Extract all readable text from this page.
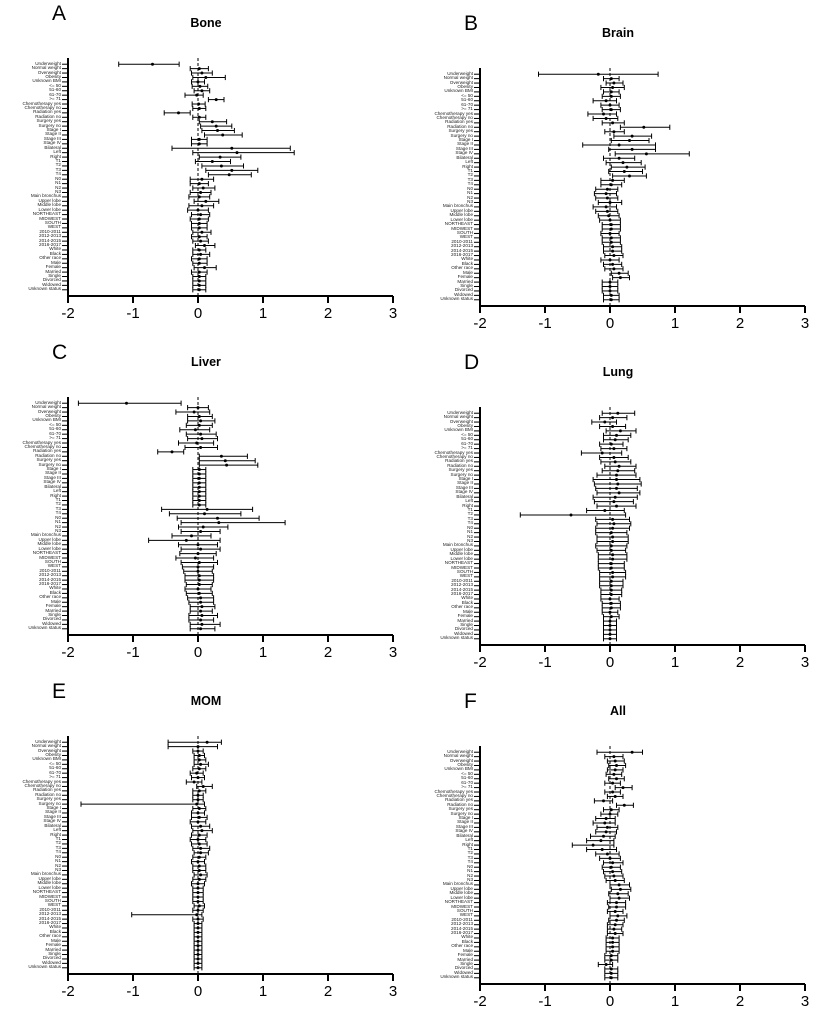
A	Bone
Underweight
Normal weight
Overweight
Obesity
Unknown BMI
<= 50
51-60
61-70
>= 71
Chemotherapy yes
Chemotherapy no
Radiation yes
Radiation no
Surgery yes
Surgery no
Stage I
Stage II
Stage III
Stage IV
Bilateral
Left
Right
T1
T2
T3
T4
N0
N1
N2
N3
Main bronchus
Upper lobe
Middle lobe
Lower lobe
NORTHEAST
MIDWEST
SOUTH
WEST
2010-2011
2012-2013
2014-2015
2016-2017
White
Black
Other race
Male
Female
Married
Single
Divorced
Widowed
Unknown status
-2	-1	0	1	2	3
B	Brain
Underweight
Normal weight
Overweight
Obesity
Unknown BMI
<= 50
51-60
61-70
>= 71
Chemotherapy yes
Chemotherapy no
Radiation yes
Radiation no
Surgery yes
Surgery no
Stage I
Stage II
Stage III
Stage IV
Bilateral
Left
Right
T1
T2
T3
T4
N0
N1
N2
N3
Main bronchus
Upper lobe
Middle lobe
Lower lobe
NORTHEAST
MIDWEST
SOUTH
WEST
2010-2011
2012-2013
2014-2015
2016-2017
White
Black
Other race
Male
Female
Married
Single
Divorced
Widowed
Unknown status
-2	-1	0	1	2	3
C	Liver
Underweight
Normal weight
Overweight
Obesity
Unknown BMI
<= 50
51-60
61-70
>= 71
Chemotherapy yes
Chemotherapy no
Radiation yes
Radiation no
Surgery yes
Surgery no
Stage I
Stage II
Stage III
Stage IV
Bilateral
Left
Right
T1
T2
T3
T4
N0
N1
N2
N3
Main bronchus
Upper lobe
Middle lobe
Lower lobe
NORTHEAST
MIDWEST
SOUTH
WEST
2010-2011
2012-2013
2014-2015
2016-2017
White
Black
Other race
Male
Female
Married
Single
Divorced
Widowed
Unknown status
-2	-1	0	1	2	3
D	Lung
Underweight
Normal weight
Overweight
Obesity
Unknown BMI
<= 50
51-60
61-70
>= 71
Chemotherapy yes
Chemotherapy no
Radiation yes
Radiation no
Surgery yes
Surgery no
Stage I
Stage II
Stage III
Stage IV
Bilateral
Left
Right
T1
T2
T3
T4
N0
N1
N2
N3
Main bronchus
Upper lobe
Middle lobe
Lower lobe
NORTHEAST
MIDWEST
SOUTH
WEST
2010-2011
2012-2013
2014-2015
2016-2017
White
Black
Other race
Male
Female
Married
Single
Divorced
Widowed
Unknown status
-2	-1	0	1	2	3
E	MOM
Underweight
Normal weight
Overweight
Obesity
Unknown BMI
<= 50
51-60
61-70
>= 71
Chemotherapy yes
Chemotherapy no
Radiation yes
Radiation no
Surgery yes
Surgery no
Stage I
Stage II
Stage III
Stage IV
Bilateral
Left
Right
T1
T2
T3
T4
N0
N1
N2
N3
Main bronchus
Upper lobe
Middle lobe
Lower lobe
NORTHEAST
MIDWEST
SOUTH
WEST
2010-2011
2012-2013
2014-2015
2016-2017
White
Black
Other race
Male
Female
Married
Single
Divorced
Widowed
Unknown status
-2	-1	0	1	2	3
F	All
Underweight
Normal weight
Overweight
Obesity
Unknown BMI
<= 50
51-60
61-70
>= 71
Chemotherapy yes
Chemotherapy no
Radiation yes
Radiation no
Surgery yes
Surgery no
Stage I
Stage II
Stage III
Stage IV
Bilateral
Left
Right
T1
T2
T3
T4
N0
N1
N2
N3
Main bronchus
Upper lobe
Middle lobe
Lower lobe
NORTHEAST
MIDWEST
SOUTH
WEST
2010-2011
2012-2013
2014-2015
2016-2017
White
Black
Other race
Male
Female
Married
Single
Divorced
Widowed
Unknown status
-2	-1	0	1	2	3
